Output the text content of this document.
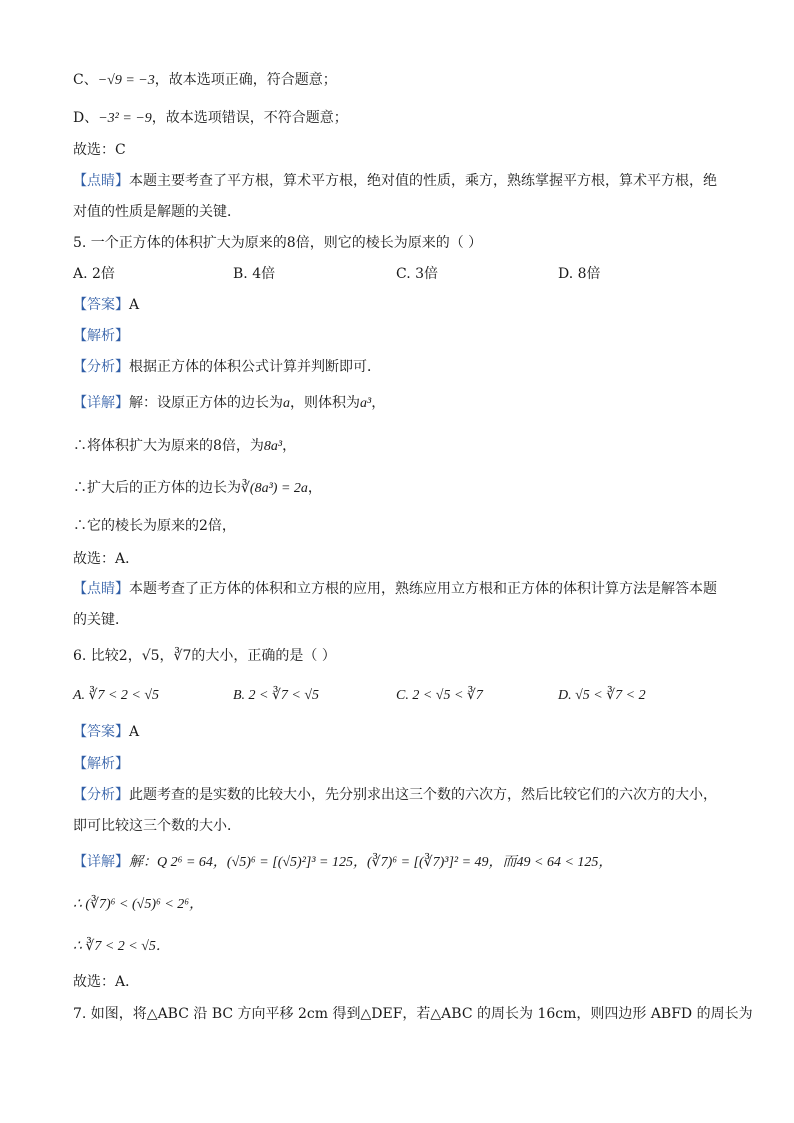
C、−√9 = −3，故本选项正确，符合题意；
D、−3² = −9，故本选项错误，不符合题意；
故选：C
【点睛】本题主要考查了平方根，算术平方根，绝对值的性质，乘方，熟练掌握平方根，算术平方根，绝
对值的性质是解题的关键．
5. 一个正方体的体积扩大为原来的8倍，则它的棱长为原来的（ ）
A. 2倍	B. 4倍	C. 3倍	D. 8倍
【答案】A
【解析】
【分析】根据正方体的体积公式计算并判断即可．
【详解】解：设原正方体的边长为a，则体积为a³，
∴将体积扩大为原来的8倍，为8a³，
∴扩大后的正方体的边长为∛(8a³) = 2a，
∴它的棱长为原来的2倍，
故选：A．
【点睛】本题考查了正方体的体积和立方根的应用，熟练应用立方根和正方体的体积计算方法是解答本题
的关键．
6. 比较2，√5，∛7的大小，正确的是（ ）
A. ∛7 < 2 < √5	B. 2 < ∛7 < √5	C. 2 < √5 < ∛7	D. √5 < ∛7 < 2
【答案】A
【解析】
【分析】此题考查的是实数的比较大小，先分别求出这三个数的六次方，然后比较它们的六次方的大小，
即可比较这三个数的大小．
【详解】解：Q 2⁶ = 64，(√5)⁶ = [(√5)²]³ = 125，(∛7)⁶ = [(∛7)³]² = 49，而49 < 64 < 125，
∴ (∛7)⁶ < (√5)⁶ < 2⁶，
∴ ∛7 < 2 < √5．
故选：A．
7. 如图，将△ABC 沿 BC 方向平移 2cm 得到△DEF，若△ABC 的周长为 16cm，则四边形 ABFD 的周长为
